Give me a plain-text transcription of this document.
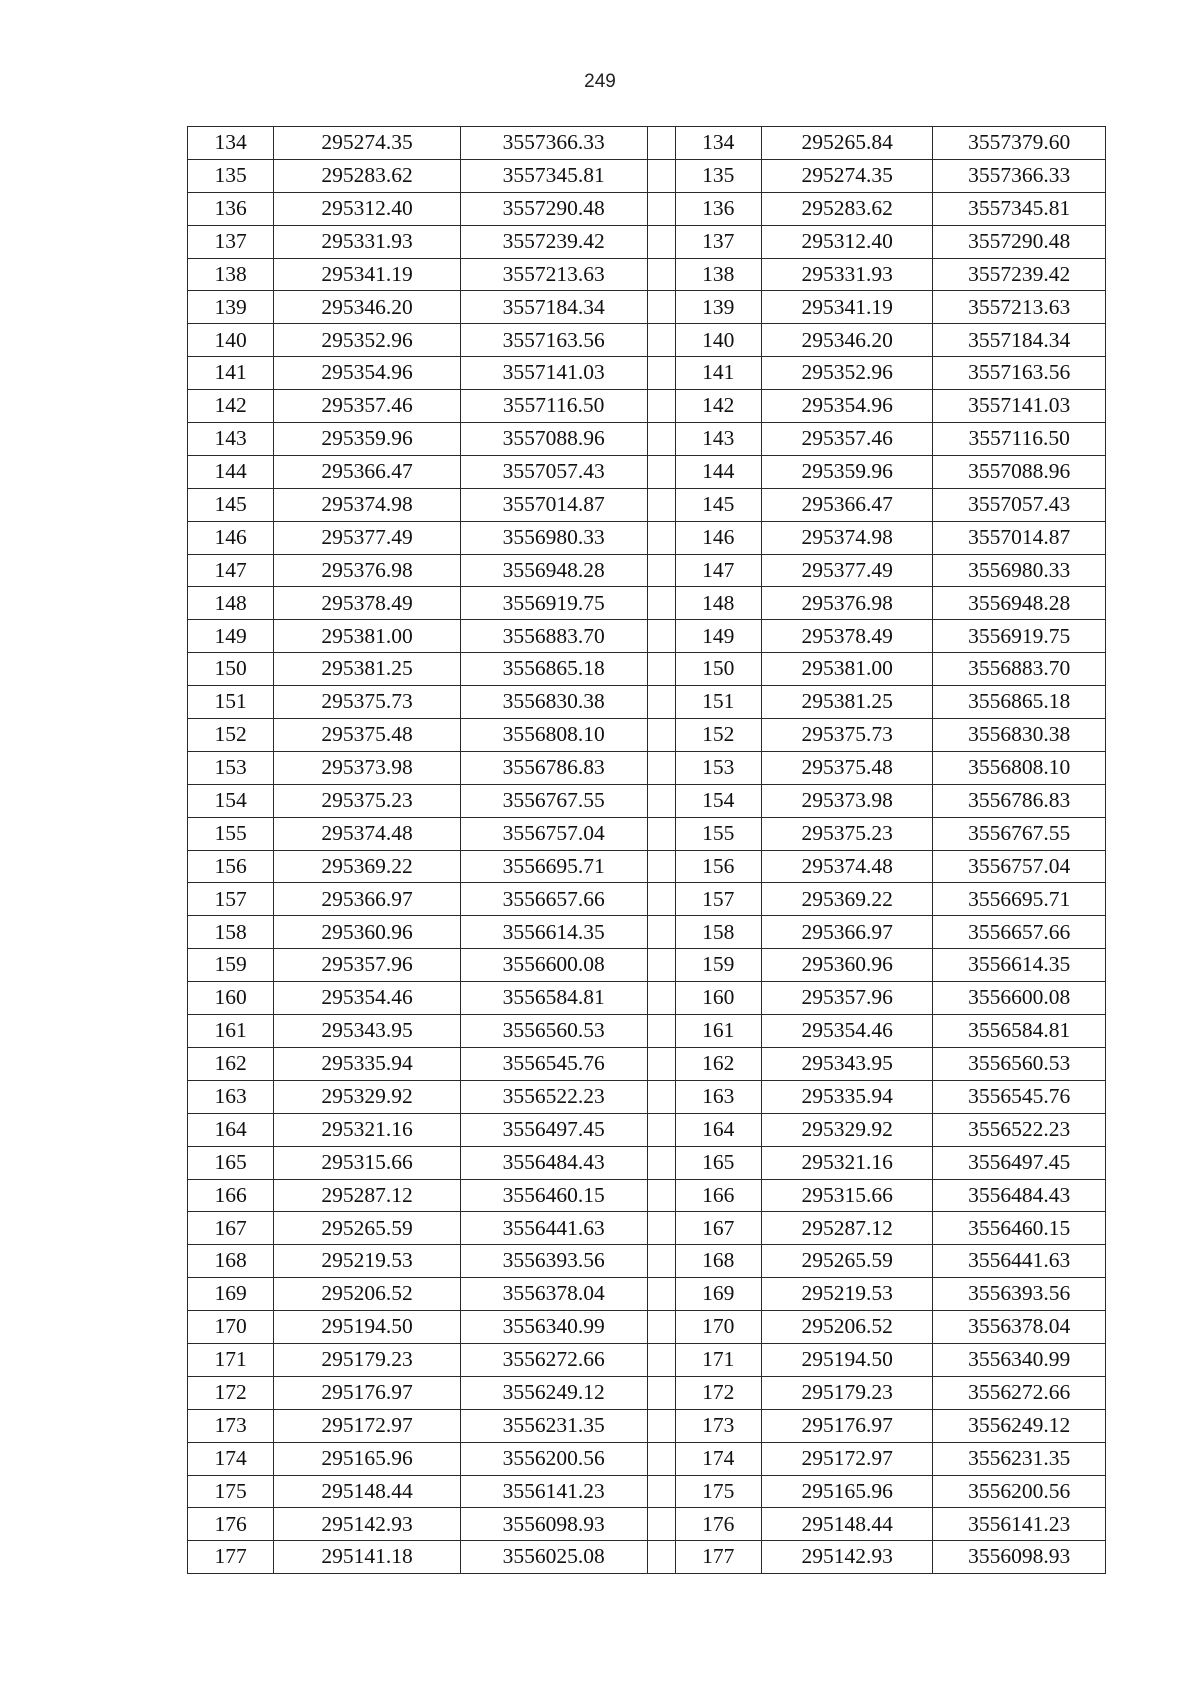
249
134	295274.35	3557366.33		134	295265.84	3557379.60
135	295283.62	3557345.81		135	295274.35	3557366.33
136	295312.40	3557290.48		136	295283.62	3557345.81
137	295331.93	3557239.42		137	295312.40	3557290.48
138	295341.19	3557213.63		138	295331.93	3557239.42
139	295346.20	3557184.34		139	295341.19	3557213.63
140	295352.96	3557163.56		140	295346.20	3557184.34
141	295354.96	3557141.03		141	295352.96	3557163.56
142	295357.46	3557116.50		142	295354.96	3557141.03
143	295359.96	3557088.96		143	295357.46	3557116.50
144	295366.47	3557057.43		144	295359.96	3557088.96
145	295374.98	3557014.87		145	295366.47	3557057.43
146	295377.49	3556980.33		146	295374.98	3557014.87
147	295376.98	3556948.28		147	295377.49	3556980.33
148	295378.49	3556919.75		148	295376.98	3556948.28
149	295381.00	3556883.70		149	295378.49	3556919.75
150	295381.25	3556865.18		150	295381.00	3556883.70
151	295375.73	3556830.38		151	295381.25	3556865.18
152	295375.48	3556808.10		152	295375.73	3556830.38
153	295373.98	3556786.83		153	295375.48	3556808.10
154	295375.23	3556767.55		154	295373.98	3556786.83
155	295374.48	3556757.04		155	295375.23	3556767.55
156	295369.22	3556695.71		156	295374.48	3556757.04
157	295366.97	3556657.66		157	295369.22	3556695.71
158	295360.96	3556614.35		158	295366.97	3556657.66
159	295357.96	3556600.08		159	295360.96	3556614.35
160	295354.46	3556584.81		160	295357.96	3556600.08
161	295343.95	3556560.53		161	295354.46	3556584.81
162	295335.94	3556545.76		162	295343.95	3556560.53
163	295329.92	3556522.23		163	295335.94	3556545.76
164	295321.16	3556497.45		164	295329.92	3556522.23
165	295315.66	3556484.43		165	295321.16	3556497.45
166	295287.12	3556460.15		166	295315.66	3556484.43
167	295265.59	3556441.63		167	295287.12	3556460.15
168	295219.53	3556393.56		168	295265.59	3556441.63
169	295206.52	3556378.04		169	295219.53	3556393.56
170	295194.50	3556340.99		170	295206.52	3556378.04
171	295179.23	3556272.66		171	295194.50	3556340.99
172	295176.97	3556249.12		172	295179.23	3556272.66
173	295172.97	3556231.35		173	295176.97	3556249.12
174	295165.96	3556200.56		174	295172.97	3556231.35
175	295148.44	3556141.23		175	295165.96	3556200.56
176	295142.93	3556098.93		176	295148.44	3556141.23
177	295141.18	3556025.08		177	295142.93	3556098.93
